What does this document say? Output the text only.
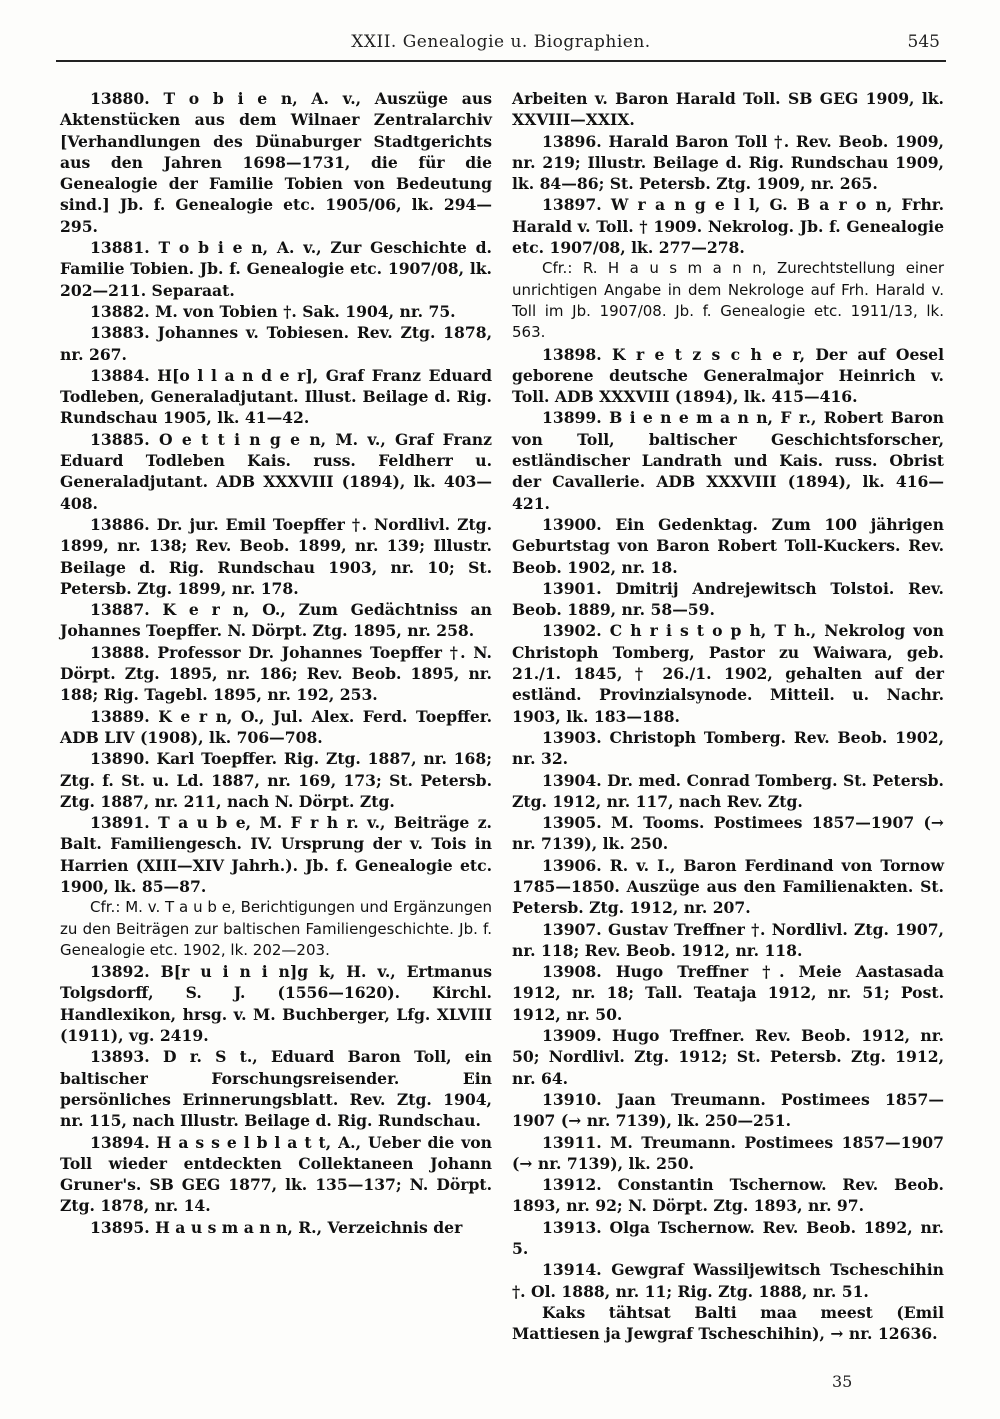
XXII. Genealogie u. Biographien.	545
13880. T o b i e n, A. v., Auszüge aus Aktenstücken aus dem Wilnaer Zentralarchiv [Verhandlungen des Dünaburger Stadtgerichts aus den Jahren 1698—1731, die für die Genealogie der Familie Tobien von Bedeutung sind.] Jb. f. Genealogie etc. 1905/06, lk. 294—295.
13881. T o b i e n, A. v., Zur Geschichte d. Familie Tobien. Jb. f. Genealogie etc. 1907/08, lk. 202—211. Separaat.
13882. M. von Tobien †. Sak. 1904, nr. 75.
13883. Johannes v. Tobiesen. Rev. Ztg. 1878, nr. 267.
13884. H[o l l a n d e r], Graf Franz Eduard Todleben, Generaladjutant. Illust. Beilage d. Rig. Rundschau 1905, lk. 41—42.
13885. O e t t i n g e n, M. v., Graf Franz Eduard Todleben Kais. russ. Feldherr u. Generaladjutant. ADB XXXVIII (1894), lk. 403—408.
13886. Dr. jur. Emil Toepffer †. Nordlivl. Ztg. 1899, nr. 138; Rev. Beob. 1899, nr. 139; Illustr. Beilage d. Rig. Rundschau 1903, nr. 10; St. Petersb. Ztg. 1899, nr. 178.
13887. K e r n, O., Zum Gedächtniss an Johannes Toepffer. N. Dörpt. Ztg. 1895, nr. 258.
13888. Professor Dr. Johannes Toepffer †. N. Dörpt. Ztg. 1895, nr. 186; Rev. Beob. 1895, nr. 188; Rig. Tagebl. 1895, nr. 192, 253.
13889. K e r n, O., Jul. Alex. Ferd. Toepffer. ADB LIV (1908), lk. 706—708.
13890. Karl Toepffer. Rig. Ztg. 1887, nr. 168; Ztg. f. St. u. Ld. 1887, nr. 169, 173; St. Petersb. Ztg. 1887, nr. 211, nach N. Dörpt. Ztg.
13891. T a u b e, M. F r h r. v., Beiträge z. Balt. Familiengesch. IV. Ursprung der v. Tois in Harrien (XIII—XIV Jahrh.). Jb. f. Genealogie etc. 1900, lk. 85—87.
Cfr.: M. v. T a u b e, Berichtigungen und Ergänzungen zu den Beiträgen zur baltischen Familiengeschichte. Jb. f. Genealogie etc. 1902, lk. 202—203.
13892. B[r u i n i n]g k, H. v., Ertmanus Tolgsdorff, S. J. (1556—1620). Kirchl. Handlexikon, hrsg. v. M. Buchberger, Lfg. XLVIII (1911), vg. 2419.
13893. D r. S t., Eduard Baron Toll, ein baltischer Forschungsreisender. Ein persönliches Erinnerungsblatt. Rev. Ztg. 1904, nr. 115, nach Illustr. Beilage d. Rig. Rundschau.
13894. H a s s e l b l a t t, A., Ueber die von Toll wieder entdeckten Collektaneen Johann Gruner's. SB GEG 1877, lk. 135—137; N. Dörpt. Ztg. 1878, nr. 14.
13895. H a u s m a n n, R., Verzeichnis der
Arbeiten v. Baron Harald Toll. SB GEG 1909, lk. XXVIII—XXIX.
13896. Harald Baron Toll †. Rev. Beob. 1909, nr. 219; Illustr. Beilage d. Rig. Rundschau 1909, lk. 84—86; St. Petersb. Ztg. 1909, nr. 265.
13897. W r a n g e l l, G. B a r o n, Frhr. Harald v. Toll. † 1909. Nekrolog. Jb. f. Genealogie etc. 1907/08, lk. 277—278.
Cfr.: R. H a u s m a n n, Zurechtstellung einer unrichtigen Angabe in dem Nekrologe auf Frh. Harald v. Toll im Jb. 1907/08. Jb. f. Genealogie etc. 1911/13, lk. 563.
13898. K r e t z s c h e r, Der auf Oesel geborene deutsche Generalmajor Heinrich v. Toll. ADB XXXVIII (1894), lk. 415—416.
13899. B i e n e m a n n, F r., Robert Baron von Toll, baltischer Geschichtsforscher, estländischer Landrath und Kais. russ. Obrist der Cavallerie. ADB XXXVIII (1894), lk. 416—421.
13900. Ein Gedenktag. Zum 100 jährigen Geburtstag von Baron Robert Toll-Kuckers. Rev. Beob. 1902, nr. 18.
13901. Dmitrij Andrejewitsch Tolstoi. Rev. Beob. 1889, nr. 58—59.
13902. C h r i s t o p h, T h., Nekrolog von Christoph Tomberg, Pastor zu Waiwara, geb. 21./1. 1845, † 26./1. 1902, gehalten auf der estländ. Provinzialsynode. Mitteil. u. Nachr. 1903, lk. 183—188.
13903. Christoph Tomberg. Rev. Beob. 1902, nr. 32.
13904. Dr. med. Conrad Tomberg. St. Petersb. Ztg. 1912, nr. 117, nach Rev. Ztg.
13905. M. Tooms. Postimees 1857—1907 (→ nr. 7139), lk. 250.
13906. R. v. I., Baron Ferdinand von Tornow 1785—1850. Auszüge aus den Familienakten. St. Petersb. Ztg. 1912, nr. 207.
13907. Gustav Treffner †. Nordlivl. Ztg. 1907, nr. 118; Rev. Beob. 1912, nr. 118.
13908. Hugo Treffner †. Meie Aastasada 1912, nr. 18; Tall. Teataja 1912, nr. 51; Post. 1912, nr. 50.
13909. Hugo Treffner. Rev. Beob. 1912, nr. 50; Nordlivl. Ztg. 1912; St. Petersb. Ztg. 1912, nr. 64.
13910. Jaan Treumann. Postimees 1857—1907 (→ nr. 7139), lk. 250—251.
13911. M. Treumann. Postimees 1857—1907 (→ nr. 7139), lk. 250.
13912. Constantin Tschernow. Rev. Beob. 1893, nr. 92; N. Dörpt. Ztg. 1893, nr. 97.
13913. Olga Tschernow. Rev. Beob. 1892, nr. 5.
13914. Gewgraf Wassiljewitsch Tscheschihin †. Ol. 1888, nr. 11; Rig. Ztg. 1888, nr. 51.
Kaks tähtsat Balti maa meest (Emil Mattiesen ja Jewgraf Tscheschihin), → nr. 12636.
35
